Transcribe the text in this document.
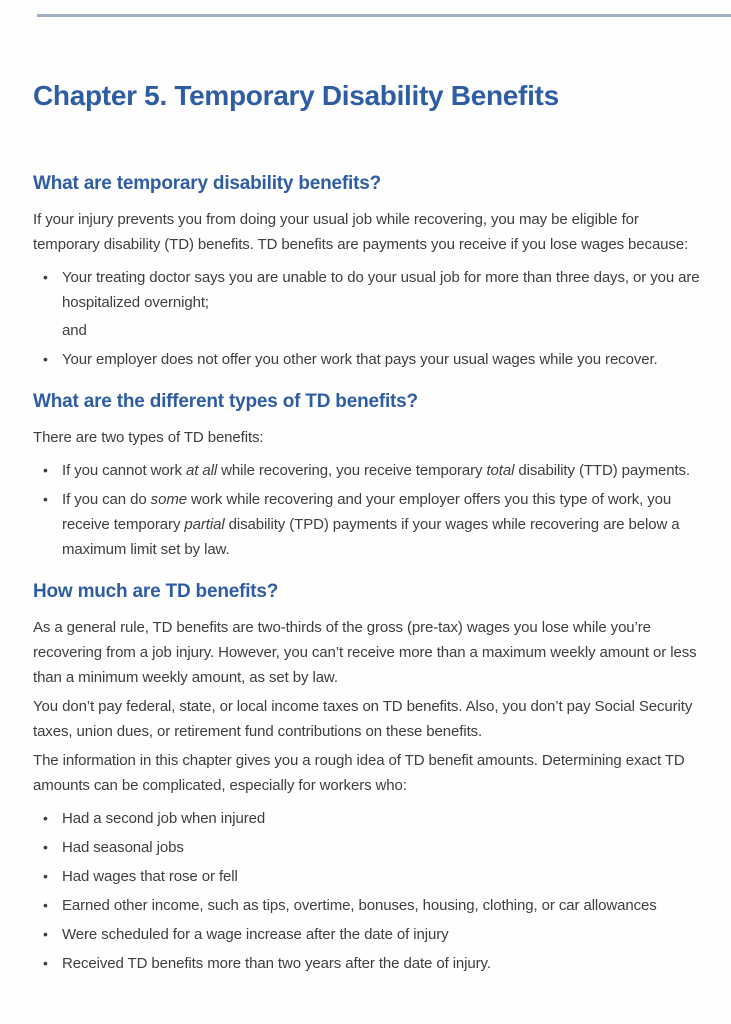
Chapter 5. Temporary Disability Benefits
What are temporary disability benefits?

If your injury prevents you from doing your usual job while recovering, you may be eligible for temporary disability (TD) benefits. TD benefits are payments you receive if you lose wages because:

• Your treating doctor says you are unable to do your usual job for more than three days, or you are hospitalized overnight;
and
• Your employer does not offer you other work that pays your usual wages while you recover.
What are the different types of TD benefits?

There are two types of TD benefits:

• If you cannot work at all while recovering, you receive temporary total disability (TTD) payments.
• If you can do some work while recovering and your employer offers you this type of work, you receive temporary partial disability (TPD) payments if your wages while recovering are below a maximum limit set by law.
How much are TD benefits?

As a general rule, TD benefits are two-thirds of the gross (pre-tax) wages you lose while you’re recovering from a job injury. However, you can’t receive more than a maximum weekly amount or less than a minimum weekly amount, as set by law.

You don’t pay federal, state, or local income taxes on TD benefits. Also, you don’t pay Social Security taxes, union dues, or retirement fund contributions on these benefits.

The information in this chapter gives you a rough idea of TD benefit amounts. Determining exact TD amounts can be complicated, especially for workers who:

• Had a second job when injured
• Had seasonal jobs
• Had wages that rose or fell
• Earned other income, such as tips, overtime, bonuses, housing, clothing, or car allowances
• Were scheduled for a wage increase after the date of injury
• Received TD benefits more than two years after the date of injury.
